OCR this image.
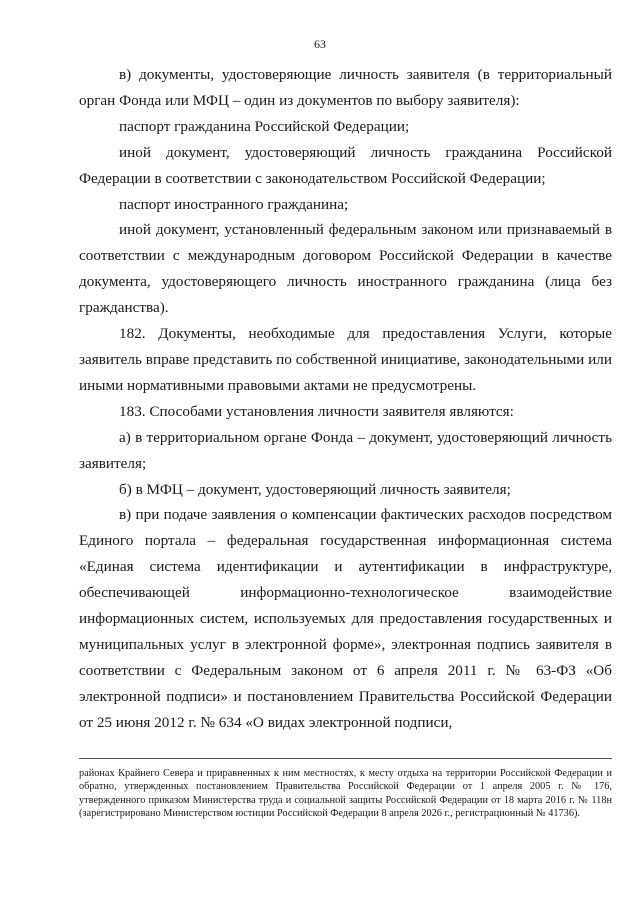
63

в) документы, удостоверяющие личность заявителя (в территориальный орган Фонда или МФЦ – один из документов по выбору заявителя):

паспорт гражданина Российской Федерации;

иной документ, удостоверяющий личность гражданина Российской Федерации в соответствии с законодательством Российской Федерации;

паспорт иностранного гражданина;

иной документ, установленный федеральным законом или признаваемый в соответствии с международным договором Российской Федерации в качестве документа, удостоверяющего личность иностранного гражданина (лица без гражданства).

182. Документы, необходимые для предоставления Услуги, которые заявитель вправе представить по собственной инициативе, законодательными или иными нормативными правовыми актами не предусмотрены.

183. Способами установления личности заявителя являются:

а) в территориальном органе Фонда – документ, удостоверяющий личность заявителя;

б) в МФЦ – документ, удостоверяющий личность заявителя;

в) при подаче заявления о компенсации фактических расходов посредством Единого портала – федеральная государственная информационная система «Единая система идентификации и аутентификации в инфраструктуре, обеспечивающей информационно-технологическое взаимодействие информационных систем, используемых для предоставления государственных и муниципальных услуг в электронной форме», электронная подпись заявителя в соответствии с Федеральным законом от 6 апреля 2011 г. № 63-ФЗ «Об электронной подписи» и постановлением Правительства Российской Федерации от 25 июня 2012 г. № 634 «О видах электронной подписи,

районах Крайнего Севера и приравненных к ним местностях, к месту отдыха на территории Российской Федерации и обратно, утвержденных постановлением Правительства Российской Федерации от 1 апреля 2005 г. № 176, утвержденного приказом Министерства труда и социальной защиты Российской Федерации от 18 марта 2016 г. № 118н (зарегистрировано Министерством юстиции Российской Федерации 8 апреля 2026 г., регистрационный № 41736).
